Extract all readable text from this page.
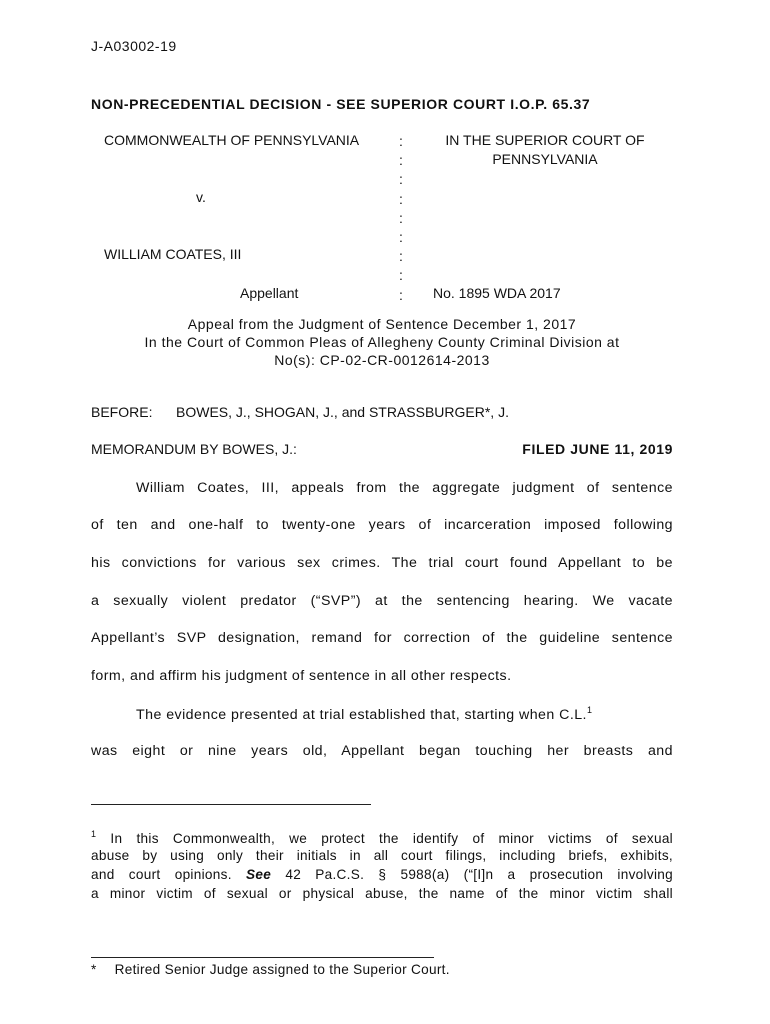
J-A03002-19
NON-PRECEDENTIAL DECISION - SEE SUPERIOR COURT I.O.P. 65.37
COMMONWEALTH OF PENNSYLVANIA
v.
WILLIAM COATES, III
Appellant
:
:
:
:
:
:
:
:
:
IN THE SUPERIOR COURT OF
PENNSYLVANIA
No. 1895 WDA 2017
Appeal from the Judgment of Sentence December 1, 2017
In the Court of Common Pleas of Allegheny County Criminal Division at
No(s): CP-02-CR-0012614-2013
BEFORE: BOWES, J., SHOGAN, J., and STRASSBURGER*, J.
MEMORANDUM BY BOWES, J.:	FILED JUNE 11, 2019
William Coates, III, appeals from the aggregate judgment of sentence
of ten and one-half to twenty-one years of incarceration imposed following
his convictions for various sex crimes. The trial court found Appellant to be
a sexually violent predator (“SVP”) at the sentencing hearing. We vacate
Appellant’s SVP designation, remand for correction of the guideline sentence
form, and affirm his judgment of sentence in all other respects.
The evidence presented at trial established that, starting when C.L.$^1$
was eight or nine years old, Appellant began touching her breasts and
$^1$ In this Commonwealth, we protect the identify of minor victims of sexual
abuse by using only their initials in all court filings, including briefs, exhibits,
and court opinions. See 42 Pa.C.S. § 5988(a) (“[I]n a prosecution involving
a minor victim of sexual or physical abuse, the name of the minor victim shall
* Retired Senior Judge assigned to the Superior Court.
